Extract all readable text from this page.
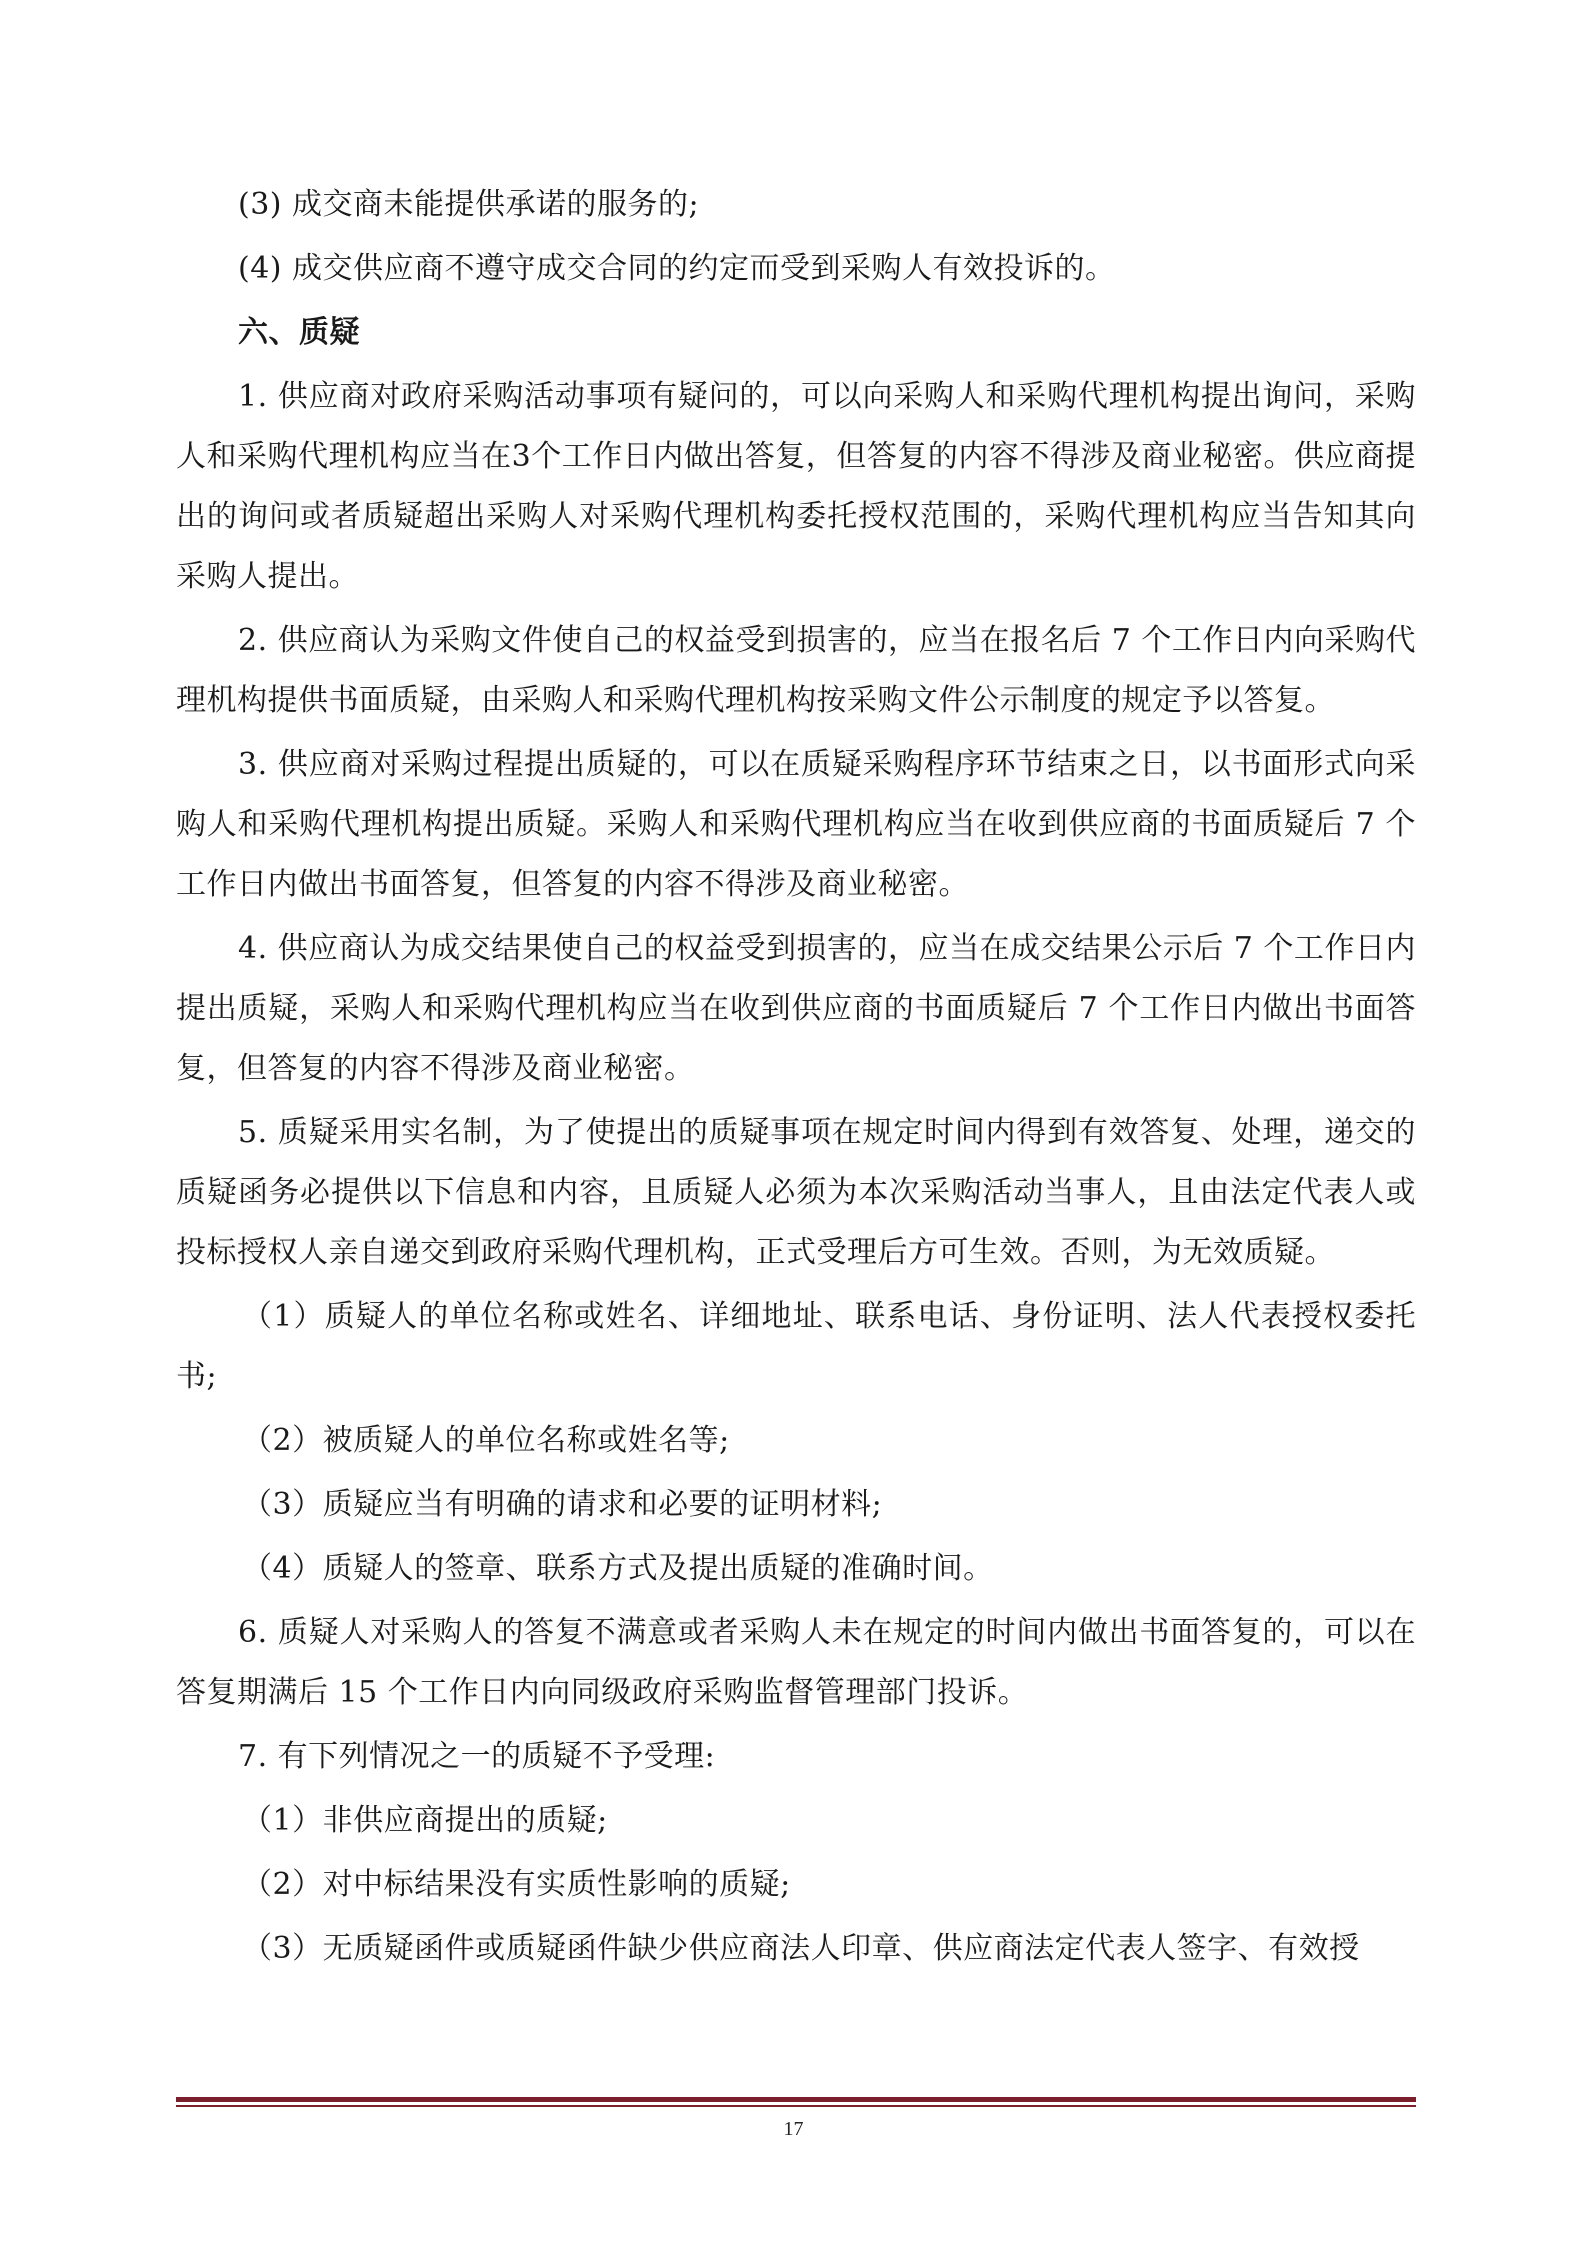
(3) 成交商未能提供承诺的服务的;

(4) 成交供应商不遵守成交合同的约定而受到采购人有效投诉的。

六、质疑

1. 供应商对政府采购活动事项有疑问的，可以向采购人和采购代理机构提出询问，采购人和采购代理机构应当在3个工作日内做出答复，但答复的内容不得涉及商业秘密。供应商提出的询问或者质疑超出采购人对采购代理机构委托授权范围的，采购代理机构应当告知其向采购人提出。

2. 供应商认为采购文件使自己的权益受到损害的，应当在报名后 7 个工作日内向采购代理机构提供书面质疑，由采购人和采购代理机构按采购文件公示制度的规定予以答复。

3. 供应商对采购过程提出质疑的，可以在质疑采购程序环节结束之日，以书面形式向采购人和采购代理机构提出质疑。采购人和采购代理机构应当在收到供应商的书面质疑后 7 个工作日内做出书面答复，但答复的内容不得涉及商业秘密。

4. 供应商认为成交结果使自己的权益受到损害的，应当在成交结果公示后 7 个工作日内提出质疑，采购人和采购代理机构应当在收到供应商的书面质疑后 7 个工作日内做出书面答复，但答复的内容不得涉及商业秘密。

5. 质疑采用实名制，为了使提出的质疑事项在规定时间内得到有效答复、处理，递交的质疑函务必提供以下信息和内容，且质疑人必须为本次采购活动当事人，且由法定代表人或投标授权人亲自递交到政府采购代理机构，正式受理后方可生效。否则，为无效质疑。

（1）质疑人的单位名称或姓名、详细地址、联系电话、身份证明、法人代表授权委托书;

（2）被质疑人的单位名称或姓名等;

（3）质疑应当有明确的请求和必要的证明材料;

（4）质疑人的签章、联系方式及提出质疑的准确时间。

6. 质疑人对采购人的答复不满意或者采购人未在规定的时间内做出书面答复的，可以在答复期满后 15 个工作日内向同级政府采购监督管理部门投诉。

7. 有下列情况之一的质疑不予受理:

（1）非供应商提出的质疑;

（2）对中标结果没有实质性影响的质疑;

（3）无质疑函件或质疑函件缺少供应商法人印章、供应商法定代表人签字、有效授

17
